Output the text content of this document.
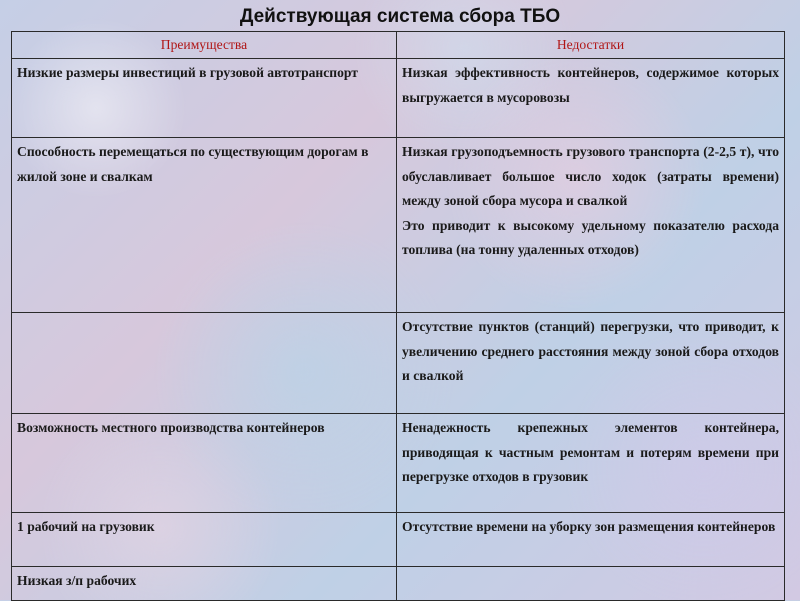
Действующая система сбора ТБО
Преимущества	Недостатки

Низкие размеры инвестиций в грузовой автотранспорт	Низкая эффективность контейнеров, содержимое которых выгружается в мусоровозы

Способность перемещаться по существующим дорогам в жилой зоне и свалкам	Низкая грузоподъемность грузового транспорта (2-2,5 т), что обуславливает большое число ходок (затраты времени) между зоной сбора мусора и свалкой
Это приводит к высокому удельному показателю расхода топлива (на тонну удаленных отходов)

	Отсутствие пунктов (станций) перегрузки, что приводит, к увеличению среднего расстояния между зоной сбора отходов и свалкой

Возможность местного производства контейнеров	Ненадежность крепежных элементов контейнера, приводящая к частным ремонтам и потерям времени при перегрузке отходов в грузовик

1 рабочий на грузовик	Отсутствие времени на уборку зон размещения контейнеров

Низкая з/п рабочих	
